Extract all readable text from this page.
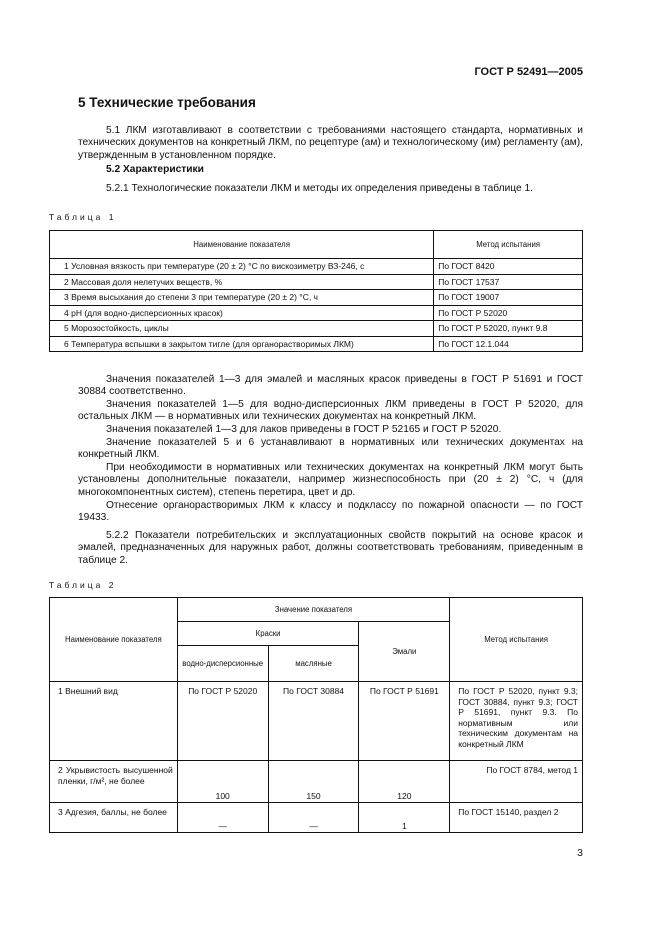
ГОСТ Р 52491—2005
5 Технические требования

5.1 ЛКМ изготавливают в соответствии с требованиями настоящего стандарта, нормативных и технических документов на конкретный ЛКМ, по рецептуре (ам) и технологическому (им) регламенту (ам), утвержденным в установленном порядке.

5.2 Характеристики

5.2.1 Технологические показатели ЛКМ и методы их определения приведены в таблице 1.

Таблица 1
Наименование показателя	Метод испытания
1 Условная вязкость при температуре (20 ± 2) °С по вискозиметру ВЗ-246, с	По ГОСТ 8420
2 Массовая доля нелетучих веществ, %	По ГОСТ 17537
3 Время высыхания до степени 3 при температуре (20 ± 2) °С, ч	По ГОСТ 19007
4 pH (для водно-дисперсионных красок)	По ГОСТ Р 52020
5 Морозостойкость, циклы	По ГОСТ Р 52020, пункт 9.8
6 Температура вспышки в закрытом тигле (для органорастворимых ЛКМ)	По ГОСТ 12.1.044

Значения показателей 1—3 для эмалей и масляных красок приведены в ГОСТ Р 51691 и ГОСТ 30884 соответственно.

Значения показателей 1—5 для водно-дисперсионных ЛКМ приведены в ГОСТ Р 52020, для остальных ЛКМ — в нормативных или технических документах на конкретный ЛКМ.

Значения показателей 1—3 для лаков приведены в ГОСТ Р 52165 и ГОСТ Р 52020.

Значение показателей 5 и 6 устанавливают в нормативных или технических документах на конкретный ЛКМ.

При необходимости в нормативных или технических документах на конкретный ЛКМ могут быть установлены дополнительные показатели, например жизнеспособность при (20 ± 2) °С, ч (для многокомпонентных систем), степень перетира, цвет и др.

Отнесение органорастворимых ЛКМ к классу и подклассу по пожарной опасности — по ГОСТ 19433.

5.2.2 Показатели потребительских и эксплуатационных свойств покрытий на основе красок и эмалей, предназначенных для наружных работ, должны соответствовать требованиям, приведенным в таблице 2.

Таблица 2
Наименование показателя	Значение показателя			Метод испытания
	Краски		Эмали	
	водно-дисперсионные	масляные		
1 Внешний вид	По ГОСТ Р 52020	По ГОСТ 30884	По ГОСТ Р 51691	По ГОСТ Р 52020, пункт 9.3; ГОСТ 30884, пункт 9.3; ГОСТ Р 51691, пункт 9.3. По нормативным или техническим документам на конкретный ЛКМ
2 Укрывистость высушенной пленки, г/м², не более	100	150	120	По ГОСТ 8784, метод 1
3 Адгезия, баллы, не более	—	—	1	По ГОСТ 15140, раздел 2
3
